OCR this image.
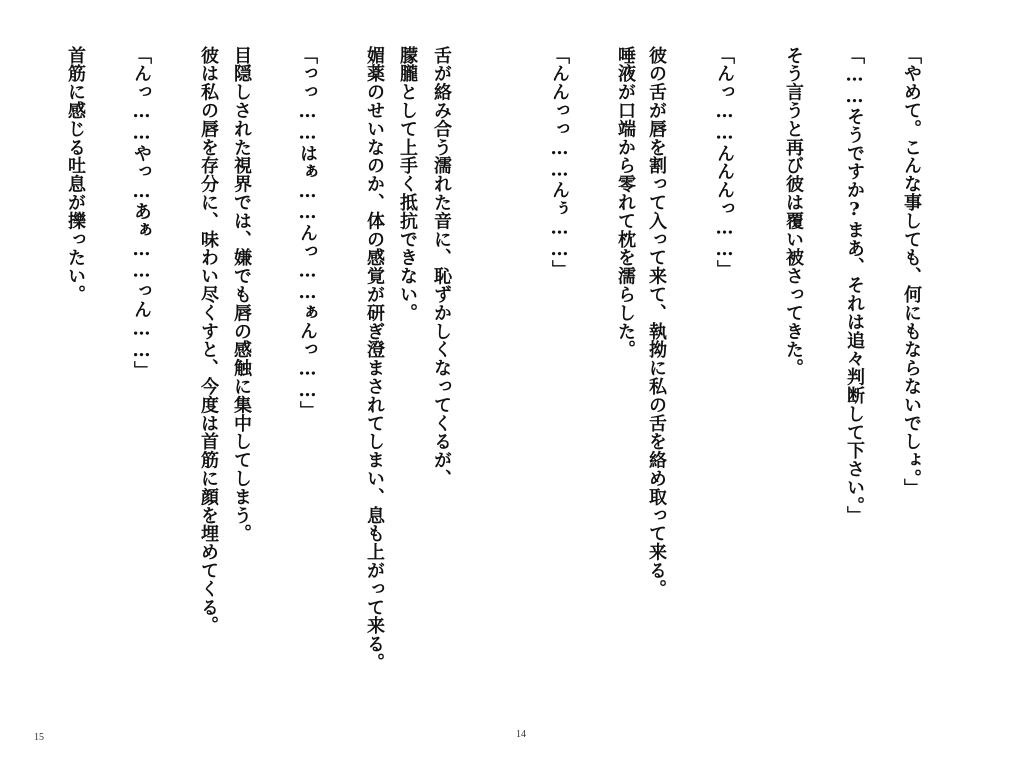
「やめて。こんな事しても、何にもならないでしょ。」
「……そうですか?まあ、それは追々判断して下さい。」
そう言うと再び彼は覆い被さってきた。
「んっ……んんんっ……」
彼の舌が唇を割って入って来て、執拗に私の舌を絡め取って来る。
唾液が口端から零れて枕を濡らした。
「んんっっ……んぅ……」
舌が絡み合う濡れた音に、恥ずかしくなってくるが、
朦朧として上手く抵抗できない。
媚薬のせいなのか、体の感覚が研ぎ澄まされてしまい、息も上がって来る。
「っっ……はぁ……んっ……ぁんっ……」
目隠しされた視界では、嫌でも唇の感触に集中してしまう。
彼は私の唇を存分に、味わい尽くすと、今度は首筋に顔を埋めてくる。
「んっ……やっ…あぁ……っん……」
首筋に感じる吐息が擽ったい。
15	14
